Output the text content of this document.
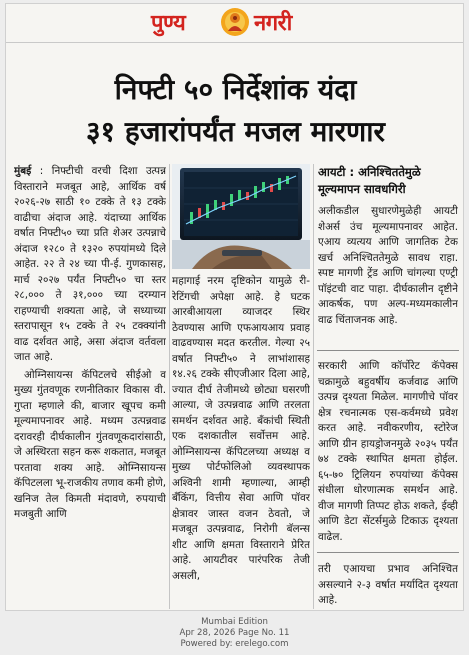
पुण्य	नगरी
निफ्टी ५० निर्देशांक यंदा
३१ हजारांपर्यंत मजल मारणार

मुंबई : निफ्टीची वरची दिशा उत्पन्न विस्ताराने मजबूत आहे, आर्थिक वर्ष २०२६-२७ साठी १० टक्के ते १३ टक्के वाढीचा अंदाज आहे. यंदाच्या आर्थिक वर्षात निफ्टी५० च्या प्रति शेअर उत्पन्नाचे अंदाज १२८० ते १३२० रुपयांमध्ये दिले आहेत. २२ ते २४ च्या पी-ई. गुणकासह, मार्च २०२७ पर्यंत निफ्टी५० चा स्तर २८,००० ते ३१,००० च्या दरम्यान राहण्याची शक्यता आहे, जे सध्याच्या स्तरापासून १५ टक्के ते २५ टक्क्यांनी वाढ दर्शवत आहे, असा अंदाज वर्तवला जात आहे.

ओम्निसायन्स कॅपिटलचे सीईओ व मुख्य गुंतवणूक रणनीतिकार विकास वी. गुप्ता म्हणाले की, बाजार खूपच कमी मूल्यमापनावर आहे. मध्यम उत्पन्नवाढ दरावरही दीर्घकालीन गुंतवणूकदारांसाठी, जे अस्थिरता सहन करू शकतात, मजबूत परतावा शक्य आहे. ओम्निसायन्स कॅपिटलला भू-राजकीय तणाव कमी होणे, खनिज तेल किमती मंदावणे, रुपयाची मजबुती आणि

महागाई नरम दृष्टिकोन यामुळे री-रेटिंगची अपेक्षा आहे. हे घटक आरबीआयला व्याजदर स्थिर ठेवण्यास आणि एफआयआय प्रवाह वाढवण्यास मदत करतील. गेल्या २५ वर्षात निफ्टी५० ने लाभांशासह १४.२६ टक्के सीएजीआर दिला आहे, ज्यात दीर्घ तेजीमध्ये छोट्या घसरणी आल्या, जे उत्पन्नवाढ आणि तरलता समर्थन दर्शवत आहे. बँकांची स्थिती एक दशकातील सर्वोत्तम आहे. ओम्निसायन्स कॅपिटलच्या अध्यक्ष व मुख्य पोर्टफोलिओ व्यवस्थापक अश्विनी शामी म्हणाल्या, आम्ही बँकिंग, वित्तीय सेवा आणि पॉवर क्षेत्रावर जास्त वजन ठेवतो, जे मजबूत उत्पन्नवाढ, निरोगी बॅलन्स शीट आणि क्षमता विस्ताराने प्रेरित आहे. आयटीवर पारंपरिक तेजी असली,

आयटी : अनिश्चिततेमुळे मूल्यमापन सावधगिरी

अलीकडील सुधारणेमुळेही आयटी शेअर्स उंच मूल्यमापनावर आहेत. एआय व्यत्यय आणि जागतिक टेक खर्च अनिश्चिततेमुळे सावध राहा. स्पष्ट मागणी ट्रेंड आणि चांगल्या एण्ट्री पॉइंटची वाट पाहा. दीर्घकालीन दृष्टीने आकर्षक, पण अल्प-मध्यमकालीन वाढ चिंताजनक आहे.

सरकारी आणि कॉर्पोरेट कॅपेक्स चक्रामुळे बहुवर्षीय कर्जवाढ आणि उत्पन्न दृश्यता मिळेल. मागणीचे पॉवर क्षेत्र रचनात्मक एस-कर्वमध्ये प्रवेश करत आहे. नवीकरणीय, स्टोरेज आणि ग्रीन हायड्रोजनमुळे २०३५ पर्यंत ७४ टक्के स्थापित क्षमता होईल. ६५-७० ट्रिलियन रुपयांच्या कॅपेक्स संधीला धोरणात्मक समर्थन आहे. वीज मागणी तिप्पट होऊ शकते, ईव्ही आणि डेटा सेंटर्समुळे टिकाऊ दृश्यता वाढेल.

तरी एआयचा प्रभाव अनिश्चित असल्याने २-३ वर्षात मर्यादित दृश्यता आहे.

Mumbai Edition
Apr 28, 2026 Page No. 11
Powered by: erelego.com
